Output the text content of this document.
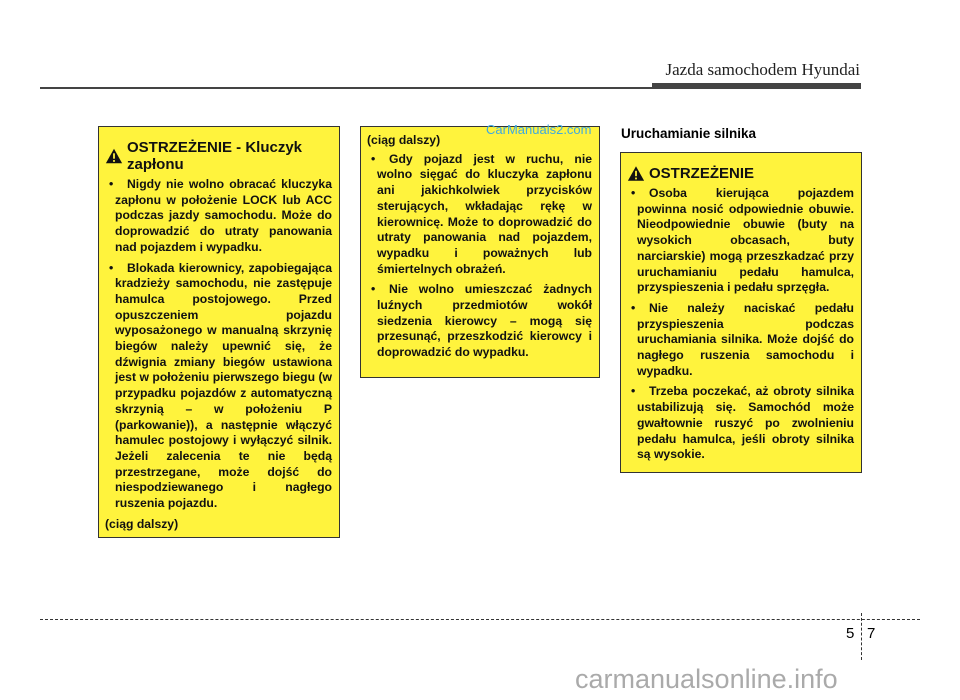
Jazda samochodem Hyundai
OSTRZEŻENIE - Kluczyk zapłonu
• Nigdy nie wolno obracać kluczyka zapłonu w położenie LOCK lub ACC podczas jazdy samochodu. Może do doprowadzić do utraty panowania nad pojazdem i wypadku.
• Blokada kierownicy, zapobiegająca kradzieży samochodu, nie zastępuje hamulca postojowego. Przed opuszczeniem pojazdu wyposażonego w manualną skrzynię biegów należy upewnić się, że dźwignia zmiany biegów ustawiona jest w położeniu pierwszego biegu (w przypadku pojazdów z automatyczną skrzynią – w położeniu P (parkowanie)), a następnie włączyć hamulec postojowy i wyłączyć silnik. Jeżeli zalecenia te nie będą przestrzegane, może dojść do niespodziewanego i nagłego ruszenia pojazdu.
(ciąg dalszy)
(ciąg dalszy)
• Gdy pojazd jest w ruchu, nie wolno sięgać do kluczyka zapłonu ani jakichkolwiek przycisków sterujących, wkładając rękę w kierownicę. Może to doprowadzić do utraty panowania nad pojazdem, wypadku i poważnych lub śmiertelnych obrażeń.
• Nie wolno umieszczać żadnych luźnych przedmiotów wokół siedzenia kierowcy – mogą się przesunąć, przeszkodzić kierowcy i doprowadzić do wypadku.
CarManuals2.com Uruchamianie silnika
OSTRZEŻENIE
• Osoba kierująca pojazdem powinna nosić odpowiednie obuwie. Nieodpowiednie obuwie (buty na wysokich obcasach, buty narciarskie) mogą przeszkadzać przy uruchamianiu pedału hamulca, przyspieszenia i pedału sprzęgła.
• Nie należy naciskać pedału przyspieszenia podczas uruchamiania silnika. Może dojść do nagłego ruszenia samochodu i wypadku.
• Trzeba poczekać, aż obroty silnika ustabilizują się. Samochód może gwałtownie ruszyć po zwolnieniu pedału hamulca, jeśli obroty silnika są wysokie.
5 7
carmanualsonline.info
